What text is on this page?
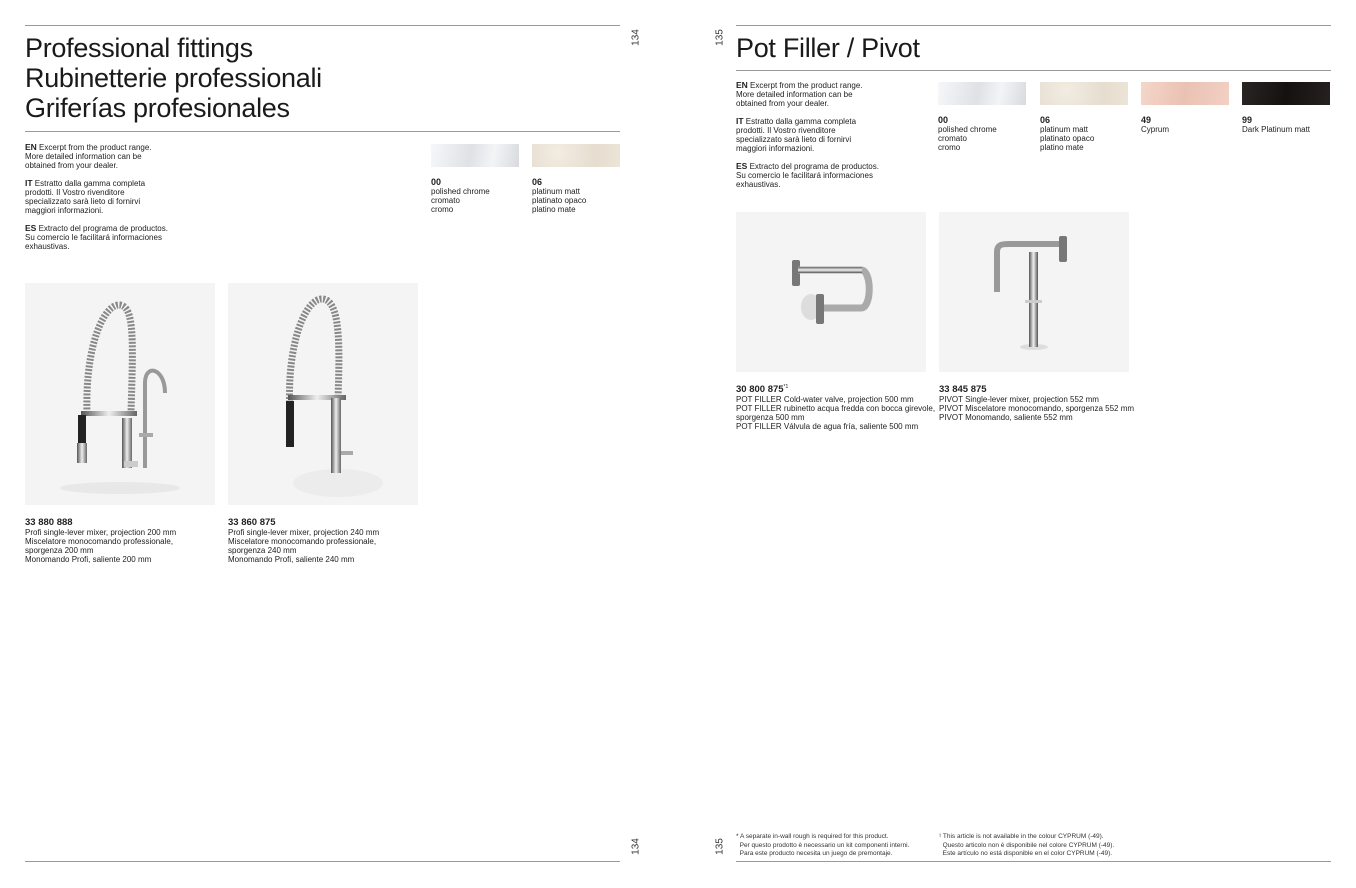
134
Professional fittings
Rubinetterie professionali
Griferías profesionales

EN Excerpt from the product range.
More detailed information can be
obtained from your dealer.

IT Estratto dalla gamma completa
prodotti. Il Vostro rivenditore
specializzato sarà lieto di fornirvi
maggiori informazioni.

ES Extracto del programa de productos.
Su comercio le facilitará informaciones
exhaustivas.

00
polished chrome
cromato
cromo
06
platinum matt
platinato opaco
platino mate
33 880 888
Profi single-lever mixer, projection 200 mm
Miscelatore monocomando professionale,
sporgenza 200 mm
Monomando Profi, saliente 200 mm
33 860 875
Profi single-lever mixer, projection 240 mm
Miscelatore monocomando professionale,
sporgenza 240 mm
Monomando Profi, saliente 240 mm
134
135 Pot Filler / Pivot

EN Excerpt from the product range.
More detailed information can be
obtained from your dealer.

IT Estratto dalla gamma completa
prodotti. Il Vostro rivenditore
specializzato sarà lieto di fornirvi
maggiori informazioni.

ES Extracto del programa de productos.
Su comercio le facilitará informaciones
exhaustivas.

00
polished chrome
cromato
cromo
06
platinum matt
platinato opaco
platino mate
49
Cyprum
99
Dark Platinum matt
30 800 875$^{*1}$
POT FILLER Cold-water valve, projection 500 mm
POT FILLER rubinetto acqua fredda con bocca girevole,
sporgenza 500 mm
POT FILLER Válvula de agua fría, saliente 500 mm
33 845 875
PIVOT Single-lever mixer, projection 552 mm
PIVOT Miscelatore monocomando, sporgenza 552 mm
PIVOT Monomando, saliente 552 mm
* A separate in-wall rough is required for this product.
Per questo prodotto è necessario un kit componenti interni.
Para este producto necesita un juego de premontaje.
¹ This article is not available in the colour CYPRUM (-49).
Questo articolo non è disponibile nel colore CYPRUM (-49).
Este artículo no está disponible en el color CYPRUM (-49).
135
